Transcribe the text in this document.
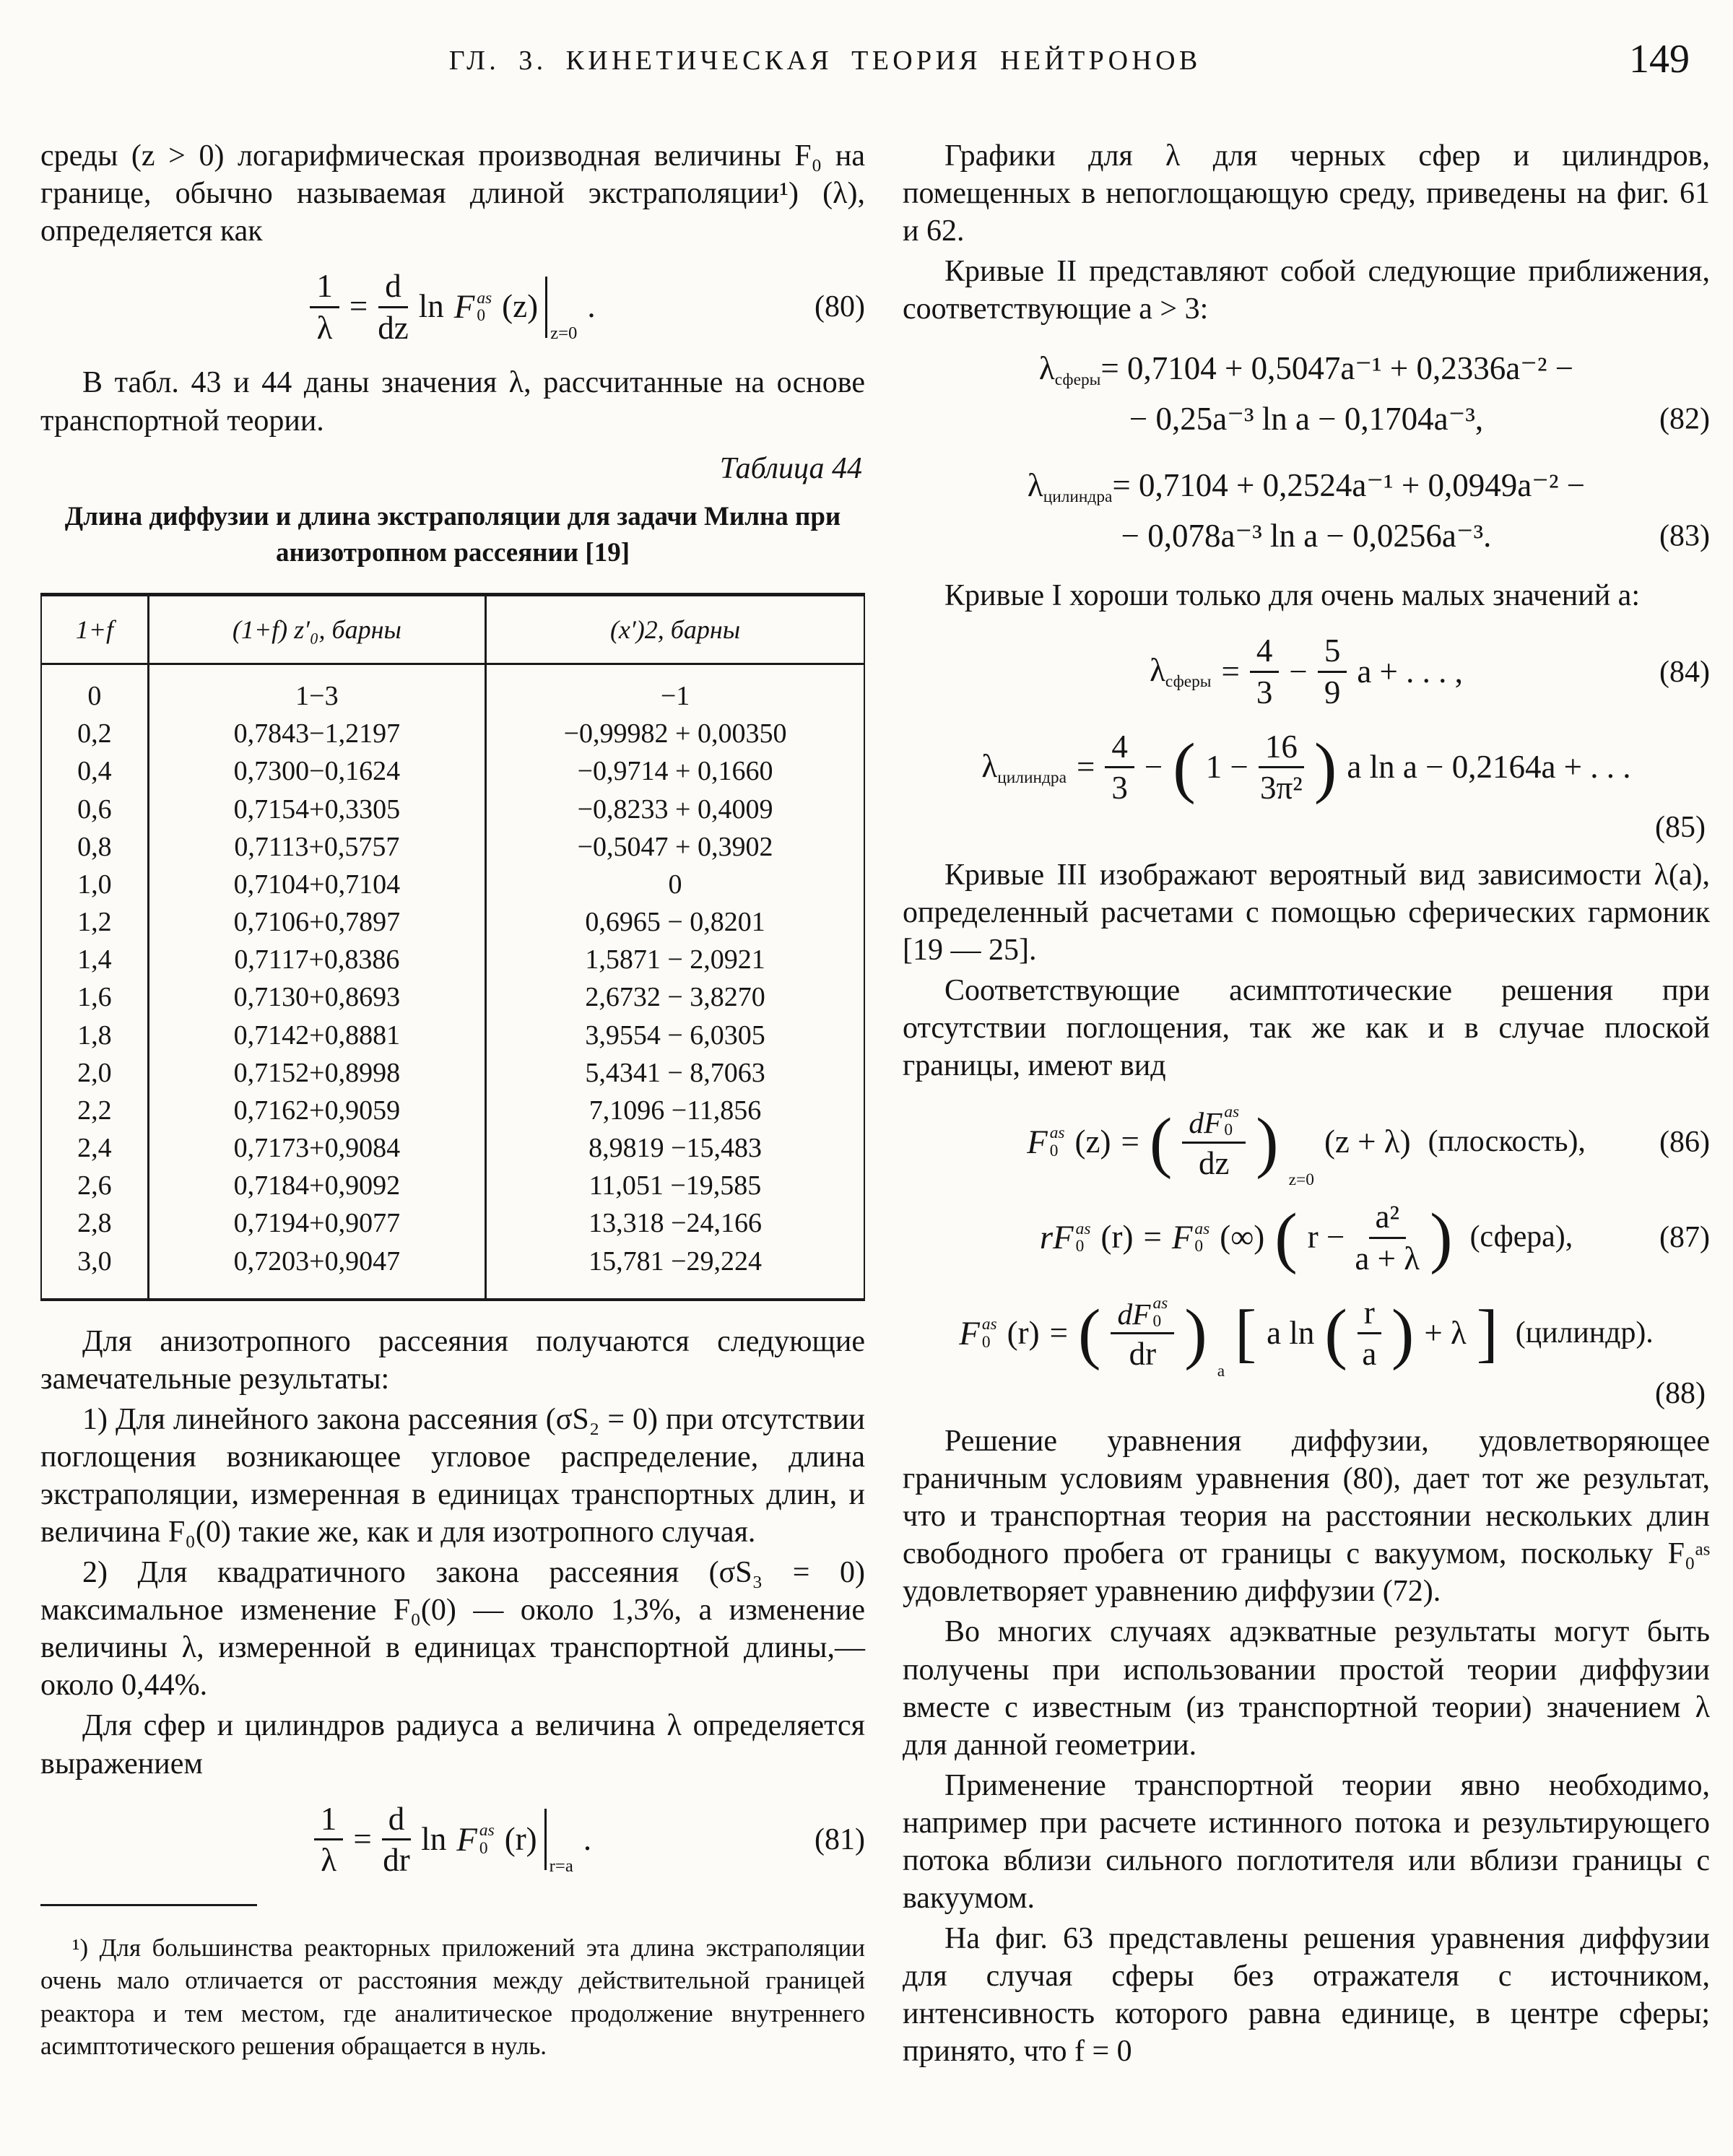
ГЛ. 3. КИНЕТИЧЕСКАЯ ТЕОРИЯ НЕЙТРОНОВ	149

среды (z > 0) логарифмическая производная величины F₀ на границе, обычно называемая длиной экстраполяции¹) (λ), определяется как

$\frac{1}{\lambda} = \frac{d}{dz}$ ln F as
0 (z)
z=0
.	(80)

В табл. 43 и 44 даны значения λ, рассчитанные на основе транспортной теории.

Таблица 44
Длина диффузии и длина экстраполяции для задачи Милна при анизотропном рассеянии [19]
1+f	(1+f) z′₀, барны	(x′)2, барны
0	1−3	−1
0,2	0,7843−1,2197	−0,99982 + 0,00350
0,4	0,7300−0,1624	−0,9714 + 0,1660
0,6	0,7154+0,3305	−0,8233 + 0,4009
0,8	0,7113+0,5757	−0,5047 + 0,3902
1,0	0,7104+0,7104	0
1,2	0,7106+0,7897	0,6965 − 0,8201
1,4	0,7117+0,8386	1,5871 − 2,0921
1,6	0,7130+0,8693	2,6732 − 3,8270
1,8	0,7142+0,8881	3,9554 − 6,0305
2,0	0,7152+0,8998	5,4341 − 8,7063
2,2	0,7162+0,9059	7,1096 −11,856
2,4	0,7173+0,9084	8,9819 −15,483
2,6	0,7184+0,9092	11,051 −19,585
2,8	0,7194+0,9077	13,318 −24,166
3,0	0,7203+0,9047	15,781 −29,224

Для анизотропного рассеяния получаются следующие замечательные результаты:

1) Для линейного закона рассеяния (σS₂ = 0) при отсутствии поглощения возникающее угловое распределение, длина экстраполяции, измеренная в единицах транспортных длин, и величина F₀(0) такие же, как и для изотропного случая.

2) Для квадратичного закона рассеяния (σS₃ = 0) максимальное изменение F₀(0) — около 1,3%, а изменение величины λ, измеренной в единицах транспортной длины,—около 0,44%.

Для сфер и цилиндров радиуса a величина λ определяется выражением

$\frac{1}{\lambda} = \frac{d}{dr}$ ln F as
0 (r)
r=a
.	(81)

¹) Для большинства реакторных приложений эта длина экстраполяции очень мало отличается от расстояния между действительной границей реактора и тем местом, где аналитическое продолжение внутреннего асимптотического решения обращается в нуль.

Графики для λ для черных сфер и цилиндров, помещенных в непоглощающую среду, приведены на фиг. 61 и 62.

Кривые II представляют собой следующие приближения, соответствующие a > 3:

λсферы = 0,7104 + 0,5047a⁻¹ + 0,2336a⁻² −
− 0,25a⁻³ ln a − 0,1704a⁻³,	(82)
λцилиндра = 0,7104 + 0,2524a⁻¹ + 0,0949a⁻² −
− 0,078a⁻³ ln a − 0,0256a⁻³.	(83)

Кривые I хороши только для очень малых значений a:

λсферы = $\frac{4}{3} - \frac{5}{9}$ a + . . . ,	(84)
λцилиндра = $\frac{4}{3}$ − ( $1 - \frac{16}{\text{3π²}}$ ) a ln a − 0,2164a + . . .
(85)

Кривые III изображают вероятный вид зависимости λ(a), определенный расчетами с помощью сферических гармоник [19 — 25].

Соответствующие асимптотические решения при отсутствии поглощения, так же как и в случае плоской границы, имеют вид

F as
0 (z) = ( dF as
0
dz )
z=0
(z + λ) (плоскость), (86)
rF as
0 (r) = F as
0 (∞) ( $r - \frac{\text{a²}}{a + \lambda}$ ) (сфера),	(87)
F as
0 (r) = ( dF as
0
dr )
a
[ a ln ( $\frac{r}{a}$ ) + λ ] (цилиндр).
(88)

Решение уравнения диффузии, удовлетворяющее граничным условиям уравнения (80), дает тот же результат, что и транспортная теория на расстоянии нескольких длин свободного пробега от границы с вакуумом, поскольку F₀ᵃˢ удовлетворяет уравнению диффузии (72).

Во многих случаях адэкватные результаты могут быть получены при использовании простой теории диффузии вместе с известным (из транспортной теории) значением λ для данной геометрии.

Применение транспортной теории явно необходимо, например при расчете истинного потока и результирующего потока вблизи сильного поглотителя или вблизи границы с вакуумом.

На фиг. 63 представлены решения уравнения диффузии для случая сферы без отражателя с источником, интенсивность которого равна единице, в центре сферы; принято, что f = 0
